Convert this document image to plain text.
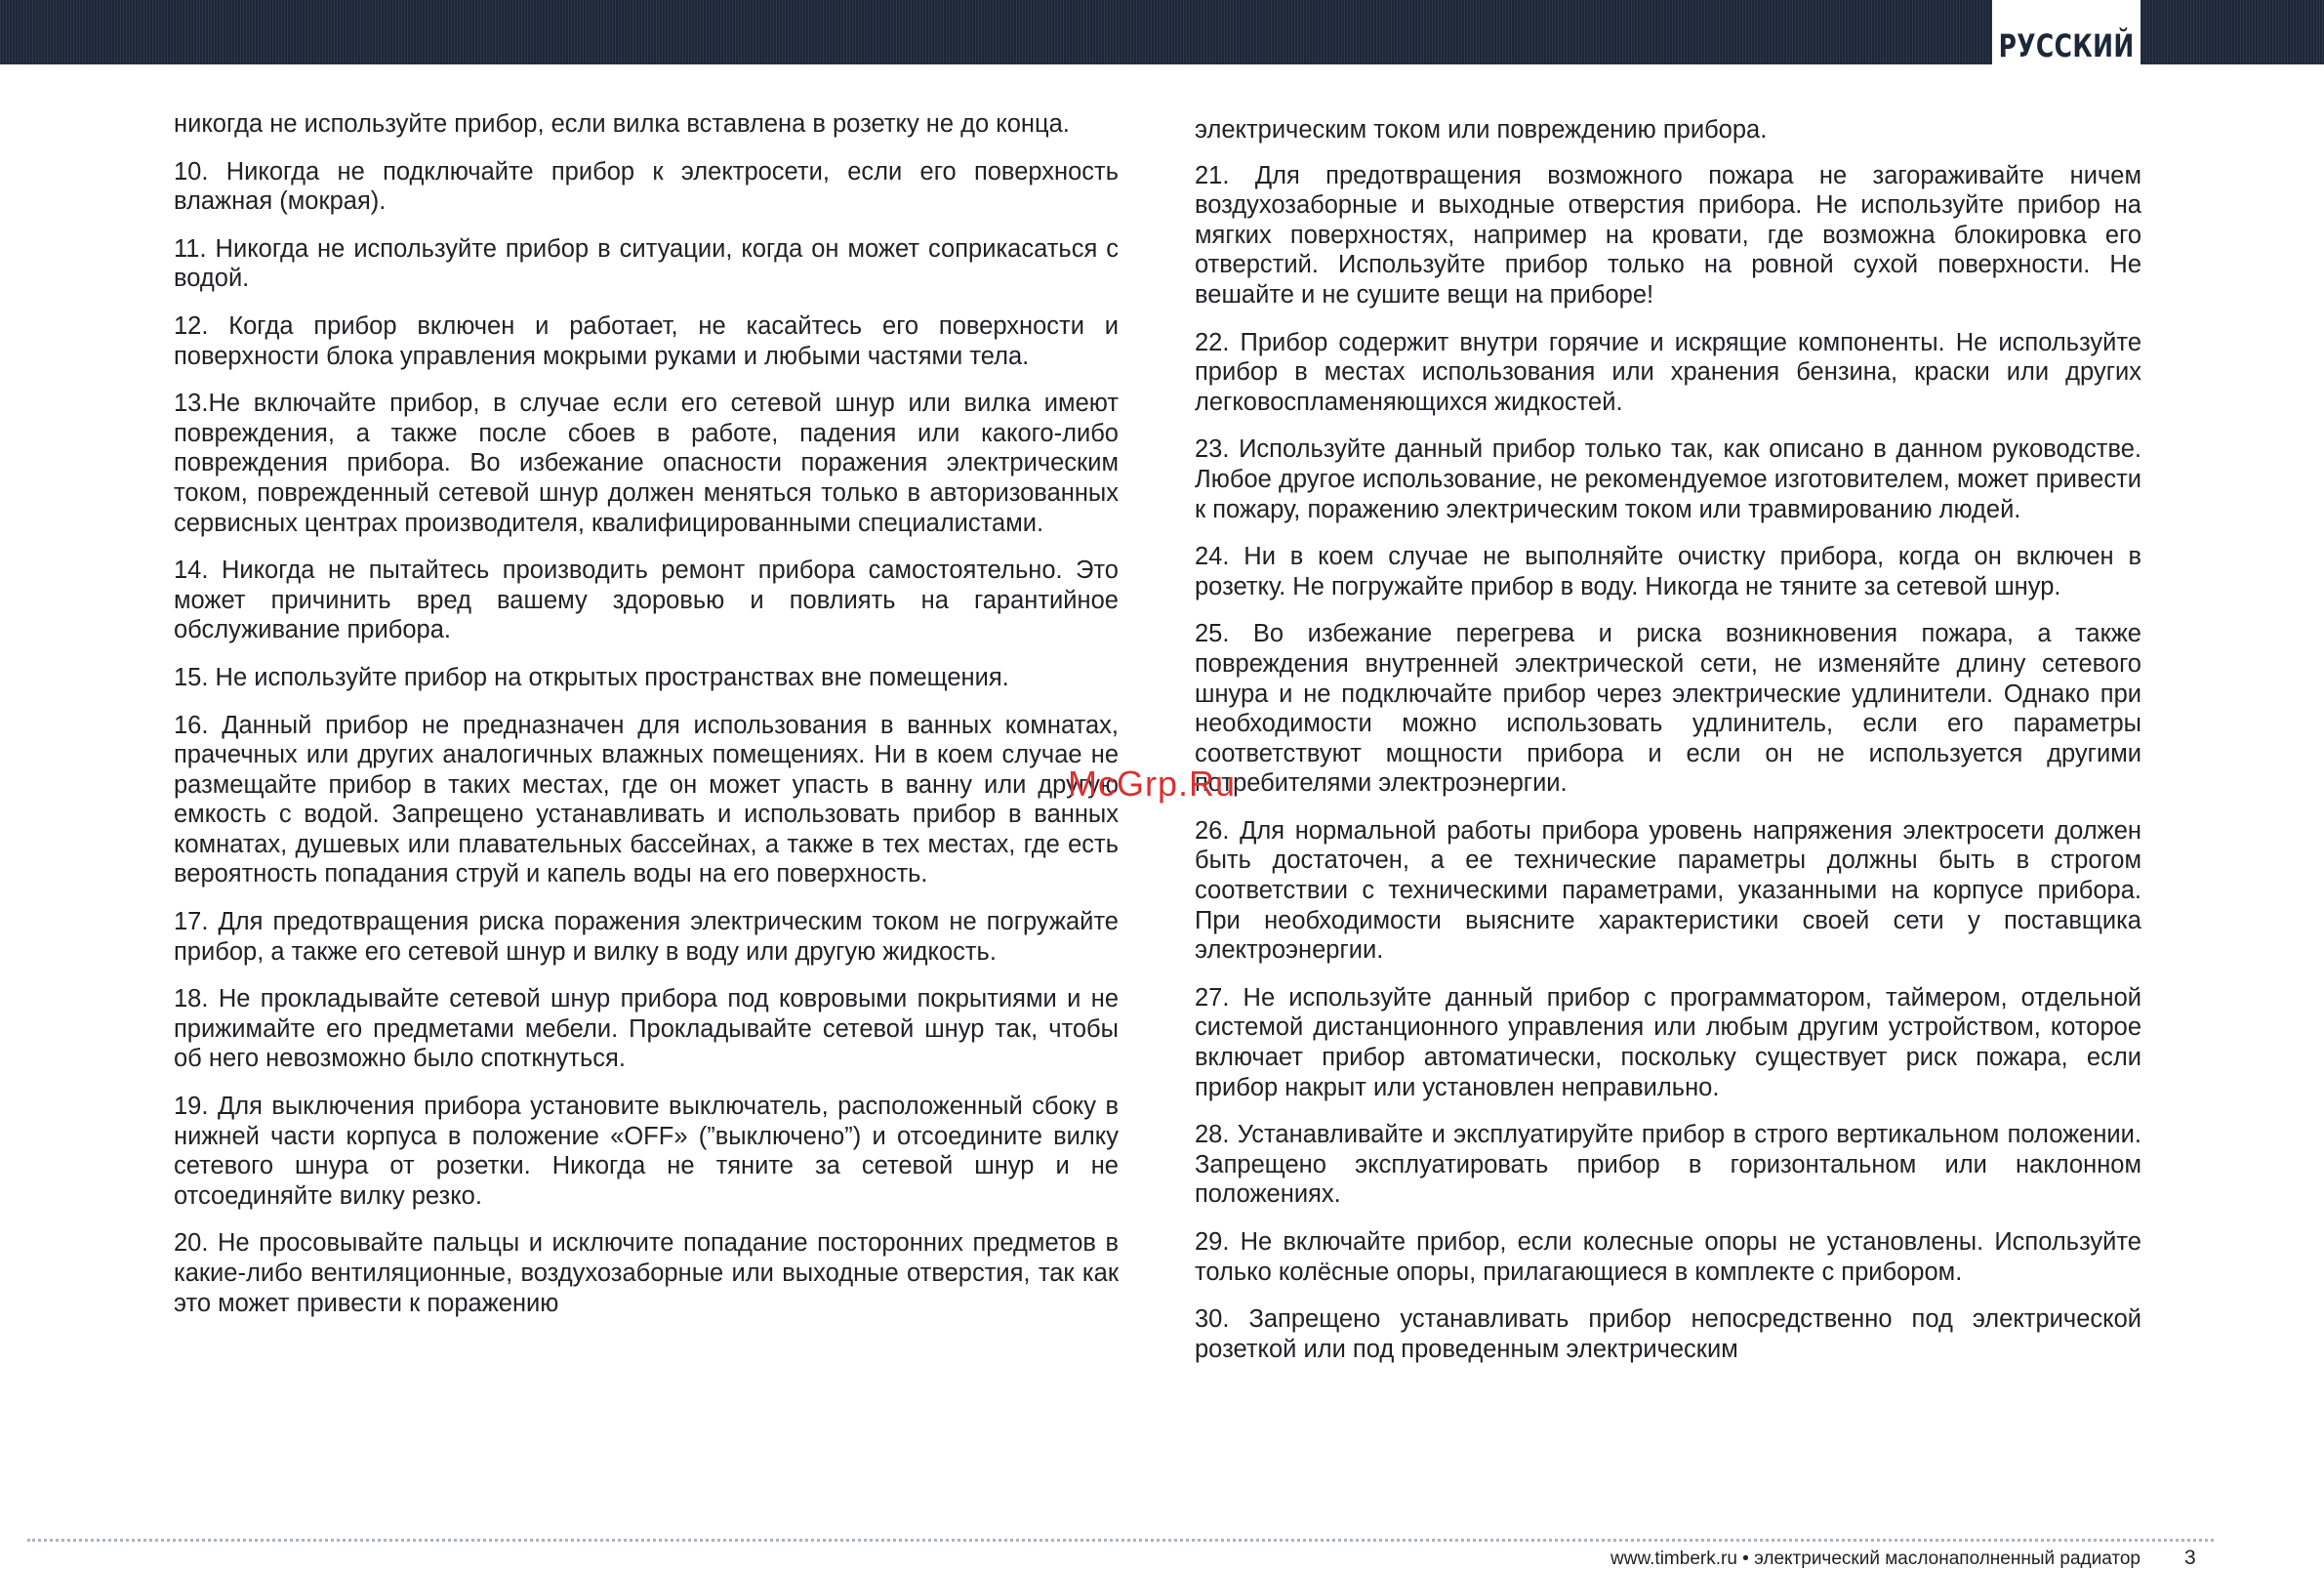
РУССКИЙ

никогда не используйте прибор, если вилка вставлена в розетку не до конца.

10. Никогда не подключайте прибор к электросети, если его поверхность влажная (мокрая).

11. Никогда не используйте прибор в ситуации, когда он может соприкасаться с водой.

12. Когда прибор включен и работает, не касайтесь его поверхности и поверхности блока управления мокрыми руками и любыми частями тела.

13.Не включайте прибор, в случае если его сетевой шнур или вилка имеют повреждения, а также после сбоев в работе, падения или какого-либо повреждения прибора. Во избежание опасности поражения электрическим током, поврежденный сетевой шнур должен меняться только в авторизованных сервисных центрах производителя, квалифицированными специалистами.

14. Никогда не пытайтесь производить ремонт прибора самостоятельно. Это может причинить вред вашему здоровью и повлиять на гарантийное обслуживание прибора.

15. Не используйте прибор на открытых пространствах вне помещения.

16. Данный прибор не предназначен для использования в ванных комнатах, прачечных или других аналогичных влажных помещениях. Ни в коем случае не размещайте прибор в таких местах, где он может упасть в ванну или другую емкость с водой. Запрещено устанавливать и использовать прибор в ванных комнатах, душевых или плавательных бассейнах, а также в тех местах, где есть вероятность попадания струй и капель воды на его поверхность.

17. Для предотвращения риска поражения электрическим током не погружайте прибор, а также его сетевой шнур и вилку в воду или другую жидкость.

18. Не прокладывайте сетевой шнур прибора под ковровыми покрытиями и не прижимайте его предметами мебели. Прокладывайте сетевой шнур так, чтобы об него невозможно было споткнуться.

19. Для выключения прибора установите выключатель, расположенный сбоку в нижней части корпуса в положение «OFF» (”выключено”) и отсоедините вилку сетевого шнура от розетки. Никогда не тяните за сетевой шнур и не отсоединяйте вилку резко.

20. Не просовывайте пальцы и исключите попадание посторонних предметов в какие-либо вентиляционные, воздухозаборные или выходные отверстия, так как это может привести к поражению

электрическим током или повреждению прибора.

21. Для предотвращения возможного пожара не загораживайте ничем воздухозаборные и выходные отверстия прибора. Не используйте прибор на мягких поверхностях, например на кровати, где возможна блокировка его отверстий. Используйте прибор только на ровной сухой поверхности. Не вешайте и не сушите вещи на приборе!

22. Прибор содержит внутри горячие и искрящие компоненты. Не используйте прибор в местах использования или хранения бензина, краски или других легковоспламеняющихся жидкостей.

23. Используйте данный прибор только так, как описано в данном руководстве. Любое другое использование, не рекомендуемое изготовителем, может привести к пожару, поражению электрическим током или травмированию людей.

24. Ни в коем случае не выполняйте очистку прибора, когда он включен в розетку. Не погружайте прибор в воду. Никогда не тяните за сетевой шнур.

25. Во избежание перегрева и риска возникновения пожара, а также повреждения внутренней электрической сети, не изменяйте длину сетевого шнура и не подключайте прибор через электрические удлинители. Однако при необходимости можно использовать удлинитель, если его параметры соответствуют мощности прибора и если он не используется другими потребителями электроэнергии.

26. Для нормальной работы прибора уровень напряжения электросети должен быть достаточен, а ее технические параметры должны быть в строгом соответствии с техническими параметрами, указанными на корпусе прибора. При необходимости выясните характеристики своей сети у поставщика электроэнергии.

27. Не используйте данный прибор с программатором, таймером, отдельной системой дистанционного управления или любым другим устройством, которое включает прибор автоматически, поскольку существует риск пожара, если прибор накрыт или установлен неправильно.

28. Устанавливайте и эксплуатируйте прибор в строго вертикальном положении. Запрещено эксплуатировать прибор в горизонтальном или наклонном положениях.

29. Не включайте прибор, если колесные опоры не установлены. Используйте только колёсные опоры, прилагающиеся в комплекте с прибором.

30. Запрещено устанавливать прибор непосредственно под электрической розеткой или под проведенным электрическим

McGrp.Ru
www.timberk.ru • электрический маслонаполненный радиатор 3
